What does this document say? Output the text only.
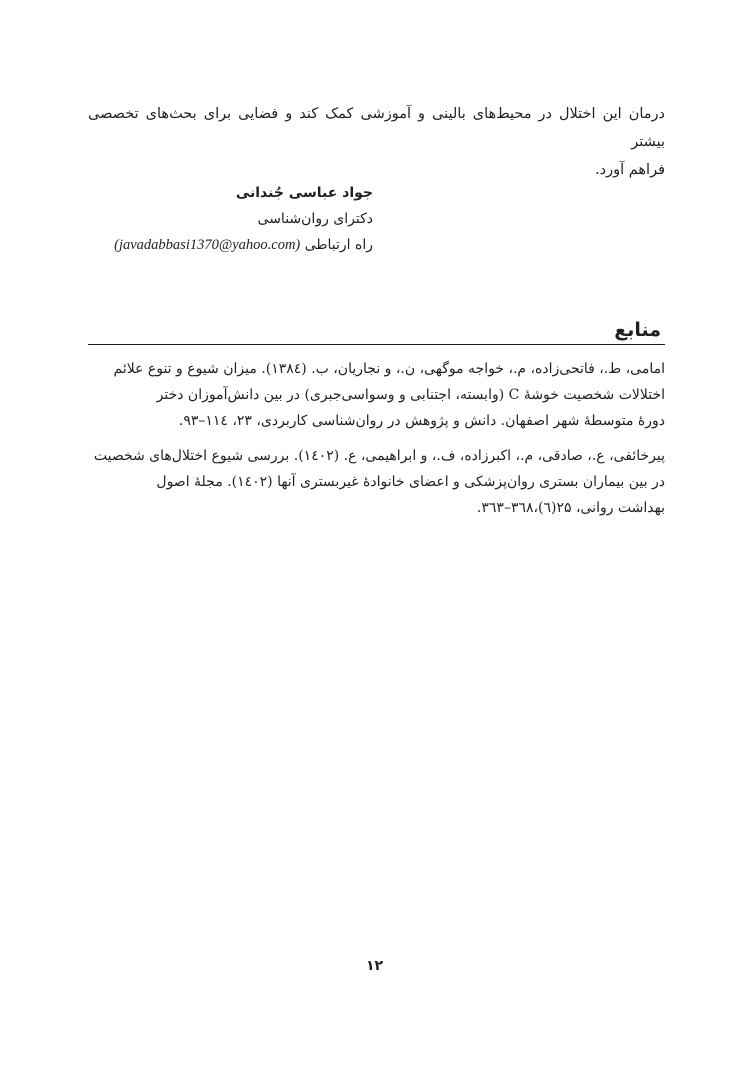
درمان این اختلال در محیط‌های بالینی و آموزشی کمک کند و فضایی برای بحث‌های تخصصی بیشتر
فراهم آورد.

جواد عباسی جُندانی

دکترای روان‌شناسی

راه ارتباطی (javadabbasi1370@yahoo.com)

منابع
امامی، ط.، فاتحی‌زاده، م.، خواجه موگهی، ن.، و نجاریان، ب. (۱۳۸٤). میزان شیوع و تنوع علائم
اختلالات شخصیت خوشهٔ C (وابسته، اجتنابی و وسواسی‌جبری) در بین دانش‌آموزان دختر
دورهٔ متوسطهٔ شهر اصفهان. دانش و پژوهش در روان‌شناسی کاربردی، ۲۳، ۱۱٤–۹۳.
پیرخائفی، ع.، صادقی، م.، اکبرزاده، ف.، و ابراهیمی، ع. (۱٤۰۲). بررسی شیوع اختلال‌های شخصیت
در بین بیماران بستری روان‌پزشکی و اعضای خانوادهٔ غیربستری آنها (۱٤۰۲). مجلهٔ اصول
بهداشت روانی، ۲۵(٦)،۳٦۸–۳٦۳.
۱۲
